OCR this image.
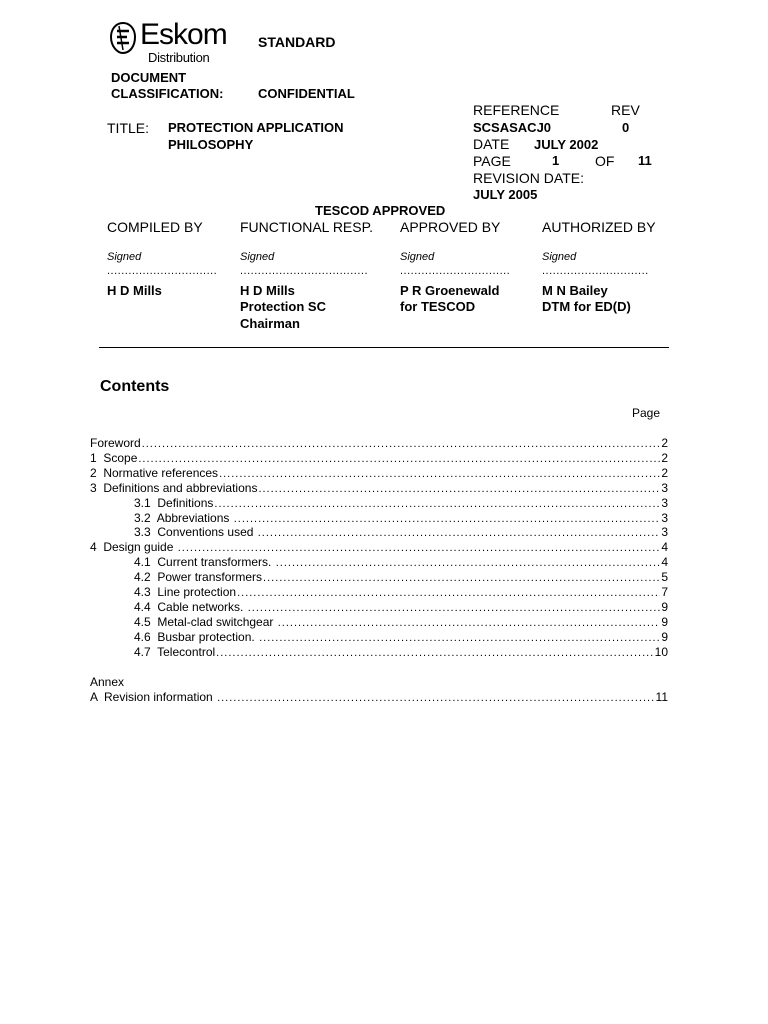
Eskom
Distribution
STANDARD
DOCUMENT
CLASSIFICATION:	CONFIDENTIAL
REFERENCE	REV
TITLE: PROTECTION APPLICATION
PHILOSOPHY
SCSASACJ0	0
DATE JULY 2002
PAGE	1	OF 11
REVISION DATE:
JULY 2005
TESCOD APPROVED
COMPILED BY
Signed
...............................
H D Mills
FUNCTIONAL RESP.
Signed
....................................
H D Mills
Protection SC
Chairman
APPROVED BY
Signed
...............................
P R Groenewald
for TESCOD
AUTHORIZED BY
Signed
..............................
M N Bailey
DTM for ED(D)
Contents
Page
Foreword .....	2
1  Scope .....	2
2  Normative references .....	2
3  Definitions and abbreviations .....	3
3.1  Definitions .....	3
3.2  Abbreviations .....	3
3.3  Conventions used .....	3
4  Design guide .....	4
4.1  Current transformers. .....	4
4.2  Power transformers .....	5
4.3  Line protection .....	7
4.4  Cable networks. .....	9
4.5  Metal-clad switchgear .....	9
4.6  Busbar protection. .....	9
4.7  Telecontrol .....	10
Annex
A  Revision information .....	11
